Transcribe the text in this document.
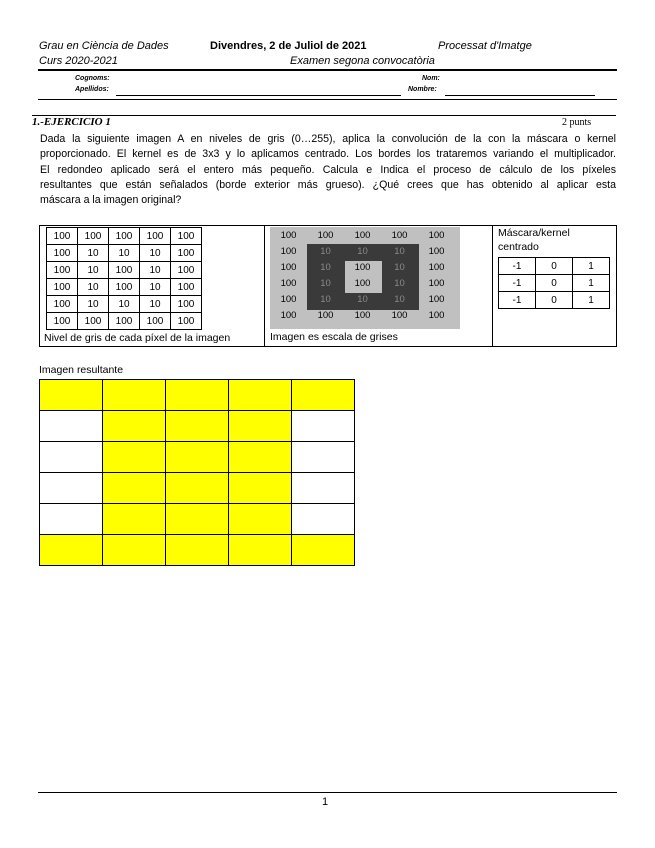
Grau en Ciència de Dades	Divendres, 2 de Juliol de 2021	Processat d'Imatge
Curs 2020-2021	Examen segona convocatòria
Cognoms:
Apellidos:
Nom:
Nombre:
1.-EJERCICIO 1	2 punts
Dada la siguiente imagen A en niveles de gris (0…255), aplica la convolución de la con la máscara o kernel
proporcionado. El kernel es de 3x3 y lo aplicamos centrado. Los bordes los trataremos variando el multiplicador.
El redondeo aplicado será el entero más pequeño. Calcula e Indica el proceso de cálculo de los píxeles
resultantes que están señalados (borde exterior más grueso). ¿Qué crees que has obtenido al aplicar esta
máscara a la imagen original?
100	100	100	100	100
100	10	10	10	100
100	10	100	10	100
100	10	100	10	100
100	10	10	10	100
100	100	100	100	100
Nivel de gris de cada píxel de la imagen
100	100	100	100	100
100	10	10	10	100
100	10	100	10	100
100	10	100	10	100
100	10	10	10	100
100	100	100	100	100
Imagen es escala de grises
Máscara/kernel
centrado
-1	0	1
-1	0	1
-1	0	1
Imagen resultante

1
